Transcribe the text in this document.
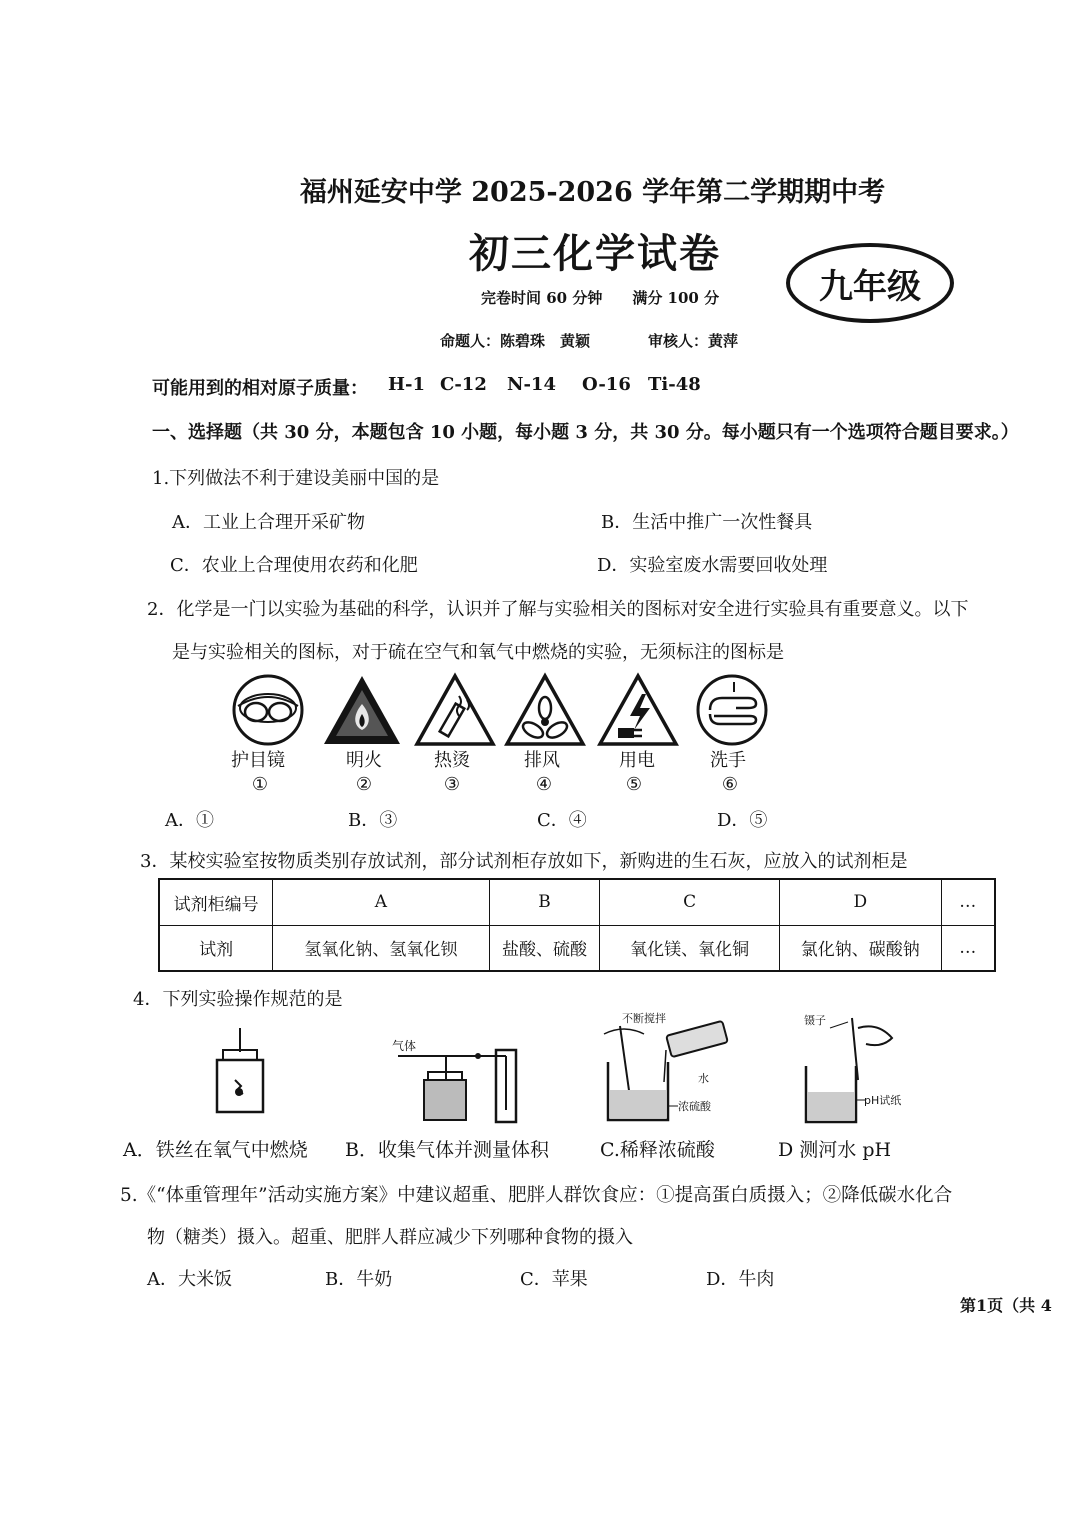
福州延安中学 2025-2026 学年第二学期期中考
初三化学试卷
九年级
完卷时间 60 分钟　　满分 100 分
命题人：陈碧珠　黄颖	审核人：黄萍
可能用到的相对原子质量： H-1 C-12 N-14 O-16 Ti-48
一、选择题（共 30 分，本题包含 10 小题，每小题 3 分，共 30 分。每小题只有一个选项符合题目要求。）
1.下列做法不利于建设美丽中国的是
A．工业上合理开采矿物	B．生活中推广一次性餐具
C．农业上合理使用农药和化肥	D．实验室废水需要回收处理
2．化学是一门以实验为基础的科学，认识并了解与实验相关的图标对安全进行实验具有重要意义。以下
是与实验相关的图标，对于硫在空气和氧气中燃烧的实验，无须标注的图标是
护目镜	明火	热烫	排风	用电	洗手
①	②	③	④	⑤	⑥
A．①	B．③	C．④	D．⑤
3．某校实验室按物质类别存放试剂，部分试剂柜存放如下，新购进的生石灰，应放入的试剂柜是
试剂柜编号	A	B	C	D	…
试剂	氢氧化钠、氢氧化钡	盐酸、硫酸	氧化镁、氧化铜	氯化钠、碳酸钠	…
4．下列实验操作规范的是
气体
不断搅拌
水
浓硫酸
镊子
pH试纸
A．铁丝在氧气中燃烧 B．收集气体并测量体积	C.稀释浓硫酸	D 测河水 pH
5.《“体重管理年”活动实施方案》中建议超重、肥胖人群饮食应：①提高蛋白质摄入；②降低碳水化合
物（糖类）摄入。超重、肥胖人群应减少下列哪种食物的摄入
A．大米饭	B．牛奶	C．苹果	D．牛肉
第1页（共 4
